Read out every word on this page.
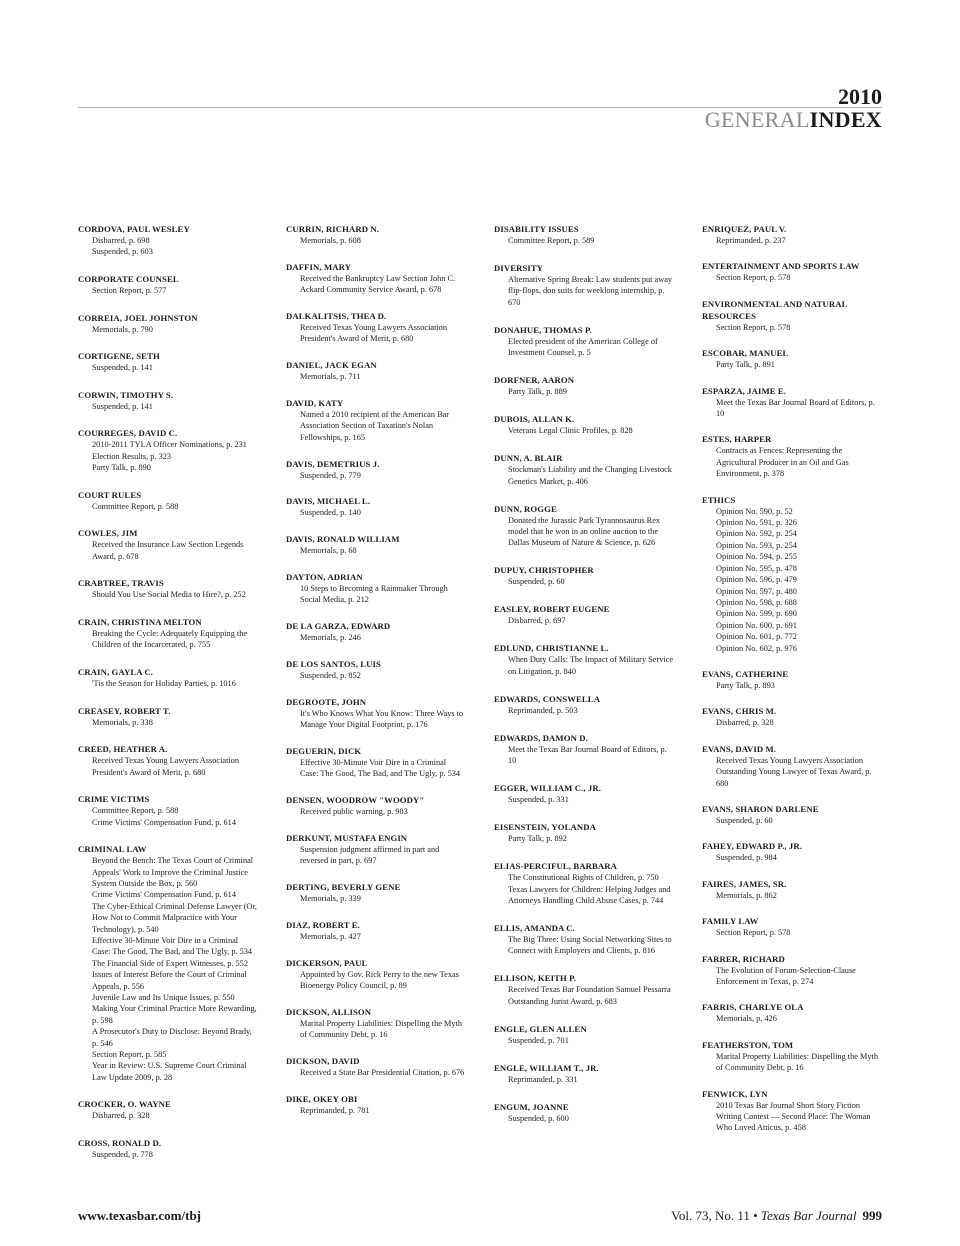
2010
GENERALINDEX
CORDOVA, PAUL WESLEY
Disbarred, p. 698
Suspended, p. 603
CORPORATE COUNSEL
Section Report, p. 577
CORREIA, JOEL JOHNSTON
Memorials, p. 790
CORTIGENE, SETH
Suspended, p. 141
CORWIN, TIMOTHY S.
Suspended, p. 141
COURREGES, DAVID C.
2010-2011 TYLA Officer Nominations, p. 231
Election Results, p. 323
Party Talk, p. 890
COURT RULES
Committee Report, p. 588
COWLES, JIM
Received the Insurance Law Section Legends Award, p. 678
CRABTREE, TRAVIS
Should You Use Social Media to Hire?, p. 252
CRAIN, CHRISTINA MELTON
Breaking the Cycle: Adequately Equipping the Children of the Incarcerated, p. 755
CRAIN, GAYLA C.
'Tis the Season for Holiday Parties, p. 1016
CREASEY, ROBERT T.
Memorials, p. 338
CREED, HEATHER A.
Received Texas Young Lawyers Association President's Award of Merit, p. 680
CRIME VICTIMS
Committee Report, p. 588
Crime Victims' Compensation Fund, p. 614
CRIMINAL LAW
Beyond the Bench: The Texas Court of Criminal Appeals' Work to Improve the Criminal Justice System Outside the Box, p. 560
Crime Victims' Compensation Fund, p. 614
The Cyber-Ethical Criminal Defense Lawyer (Or, How Not to Commit Malpractice with Your Technology), p. 540
Effective 30-Minute Voir Dire in a Criminal Case: The Good, The Bad, and The Ugly, p. 534
The Financial Side of Expert Witnesses, p. 552
Issues of Interest Before the Court of Criminal Appeals, p. 556
Juvenile Law and Its Unique Issues, p. 550
Making Your Criminal Practice More Rewarding, p. 598
A Prosecutor's Duty to Disclose: Beyond Brady, p. 546
Section Report, p. 585
Year in Review: U.S. Supreme Court Criminal Law Update 2009, p. 28
CROCKER, O. WAYNE
Disbarred, p. 328
CROSS, RONALD D.
Suspended, p. 778
CURRIN, RICHARD N.
Memorials, p. 608
DAFFIN, MARY
Received the Bankruptcy Law Section John C. Ackard Community Service Award, p. 678
DALKALITSIS, THEA D.
Received Texas Young Lawyers Association President's Award of Merit, p. 680
DANIEL, JACK EGAN
Memorials, p. 711
DAVID, KATY
Named a 2010 recipient of the American Bar Association Section of Taxation's Nolan Fellowships, p. 165
DAVIS, DEMETRIUS J.
Suspended, p. 779
DAVIS, MICHAEL L.
Suspended, p. 140
DAVIS, RONALD WILLIAM
Memorials, p. 68
DAYTON, ADRIAN
10 Steps to Becoming a Rainmaker Through Social Media, p. 212
DE LA GARZA, EDWARD
Memorials, p. 246
DE LOS SANTOS, LUIS
Suspended, p. 852
DEGROOTE, JOHN
It's Who Knows What You Know: Three Ways to Manage Your Digital Footprint, p. 176
DEGUERIN, DICK
Effective 30-Minute Voir Dire in a Criminal Case: The Good, The Bad, and The Ugly, p. 534
DENSEN, WOODROW "WOODY"
Received public warning, p. 983
DERKUNT, MUSTAFA ENGIN
Suspension judgment affirmed in part and reversed in part, p. 697
DERTING, BEVERLY GENE
Memorials, p. 339
DIAZ, ROBERT E.
Memorials, p. 427
DICKERSON, PAUL
Appointed by Gov. Rick Perry to the new Texas Bioenergy Policy Council, p. 89
DICKSON, ALLISON
Marital Property Liabilities: Dispelling the Myth of Community Debt, p. 16
DICKSON, DAVID
Received a State Bar Presidential Citation, p. 676
DIKE, OKEY OBI
Reprimanded, p. 781
DISABILITY ISSUES
Committee Report, p. 589
DIVERSITY
Alternative Spring Break: Law students put away flip-flops, don suits for weeklong internship, p. 670
DONAHUE, THOMAS P.
Elected president of the American College of Investment Counsel, p. 5
DORFNER, AARON
Party Talk, p. 889
DUBOIS, ALLAN K.
Veterans Legal Clinic Profiles, p. 828
DUNN, A. BLAIR
Stockman's Liability and the Changing Livestock Genetics Market, p. 406
DUNN, ROGGE
Donated the Jurassic Park Tyrannosaurus Rex model that he won in an online auction to the Dallas Museum of Nature & Science, p. 626
DUPUY, CHRISTOPHER
Suspended, p. 60
EASLEY, ROBERT EUGENE
Disbarred, p. 697
EDLUND, CHRISTIANNE L.
When Duty Calls: The Impact of Military Service on Litigation, p. 840
EDWARDS, CONSWELLA
Reprimanded, p. 503
EDWARDS, DAMON D.
Meet the Texas Bar Journal Board of Editors, p. 10
EGGER, WILLIAM C., JR.
Suspended, p. 331
EISENSTEIN, YOLANDA
Party Talk, p. 892
ELIAS-PERCIFUL, BARBARA
The Constitutional Rights of Children, p. 750
Texas Lawyers for Children: Helping Judges and Attorneys Handling Child Abuse Cases, p. 744
ELLIS, AMANDA C.
The Big Three: Using Social Networking Sites to Connect with Employers and Clients, p. 816
ELLISON, KEITH P.
Received Texas Bar Foundation Samuel Pessarra Outstanding Jurist Award, p. 683
ENGLE, GLEN ALLEN
Suspended, p. 701
ENGLE, WILLIAM T., JR.
Reprimanded, p. 331
ENGUM, JOANNE
Suspended, p. 600
ENRIQUEZ, PAUL V.
Reprimanded, p. 237
ENTERTAINMENT AND SPORTS LAW
Section Report, p. 578
ENVIRONMENTAL AND NATURAL RESOURCES
Section Report, p. 578
ESCOBAR, MANUEL
Party Talk, p. 891
ESPARZA, JAIME E.
Meet the Texas Bar Journal Board of Editors, p. 10
ESTES, HARPER
Contracts as Fences: Representing the Agricultural Producer in an Oil and Gas Environment, p. 378
ETHICS
Opinion No. 590, p. 52
Opinion No. 591, p. 326
Opinion No. 592, p. 254
Opinion No. 593, p. 254
Opinion No. 594, p. 255
Opinion No. 595, p. 478
Opinion No. 596, p. 479
Opinion No. 597, p. 480
Opinion No. 598, p. 688
Opinion No. 599, p. 690
Opinion No. 600, p. 691
Opinion No. 601, p. 772
Opinion No. 602, p. 976
EVANS, CATHERINE
Party Talk, p. 893
EVANS, CHRIS M.
Disbarred, p. 328
EVANS, DAVID M.
Received Texas Young Lawyers Association Outstanding Young Lawyer of Texas Award, p. 680
EVANS, SHARON DARLENE
Suspended, p. 60
FAHEY, EDWARD P., JR.
Suspended, p. 984
FAIRES, JAMES, SR.
Memorials, p. 862
FAMILY LAW
Section Report, p. 578
FARRER, RICHARD
The Evolution of Forum-Selection-Clause Enforcement in Texas, p. 274
FARRIS, CHARLYE OLA
Memorials, p. 426
FEATHERSTON, TOM
Marital Property Liabilities: Dispelling the Myth of Community Debt, p. 16
FENWICK, LYN
2010 Texas Bar Journal Short Story Fiction Writing Contest — Second Place: The Woman Who Loved Atticus, p. 458
www.texasbar.com/tbj	Vol. 73, No. 11 • Texas Bar Journal 999
